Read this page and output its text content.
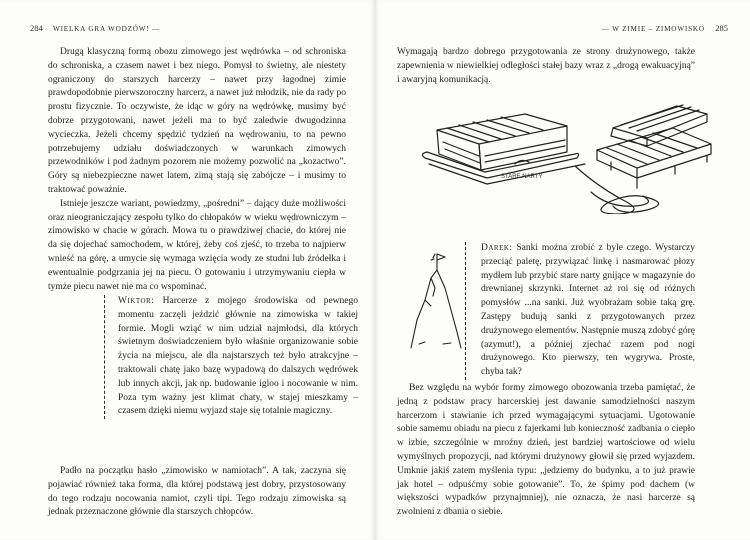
284 WIELKA GRA WODZÓW! —

Drugą klasyczną formą obozu zimowego jest wędrówka – od schroniska do schroniska, a czasem nawet i bez niego. Pomysł to świetny, ale niestety ograniczony do starszych harcerzy – nawet przy łagodnej zimie prawdopodobnie pierwszoroczny harcerz, a nawet już młodzik, nie da rady po prostu fizycznie. To oczywiste, że idąc w góry na wędrówkę, musimy być dobrze przygotowani, nawet jeżeli ma to być zaledwie dwugodzinna wycieczka. Jeżeli chcemy spędzić tydzień na wędrowaniu, to na pewno potrzebujemy udziału doświadczonych w warunkach zimowych przewodników i pod żadnym pozorem nie możemy pozwolić na „kozactwo”. Góry są niebezpieczne nawet latem, zimą stają się zabójcze – i musimy to traktować poważnie.

Istnieje jeszcze wariant, powiedzmy, „pośredni” – dający duże możliwości oraz nieograniczający zespołu tylko do chłopaków w wieku wędrowniczym – zimowisko w chacie w górach. Mowa tu o prawdziwej chacie, do której nie da się dojechać samochodem, w której, żeby coś zjeść, to trzeba to najpierw wnieść na górę, a umycie się wymaga wzięcia wody ze studni lub źródełka i ewentualnie podgrzania jej na piecu. O gotowaniu i utrzymywaniu ciepła w tymże piecu nawet nie ma co wspominać.

Wiktor: Harcerze z mojego środowiska od pewnego momentu zaczęli jeździć głównie na zimowiska w takiej formie. Mogli wziąć w nim udział najmłodsi, dla których świetnym doświadczeniem było właśnie organizowanie sobie życia na miejscu, ale dla najstarszych też było atrakcyjne – traktowali chatę jako bazę wypadową do dalszych wędrówek lub innych akcji, jak np. budowanie igloo i nocowanie w nim. Poza tym ważny jest klimat chaty, w stajej mieszkamy – czasem dzięki niemu wyjazd staje się totalnie magiczny.

Padło na początku hasło „zimowisko w namiotach”. A tak, zaczyna się pojawiać również taka forma, dla której podstawą jest dobry, przystosowany do tego rodzaju nocowania namiot, czyli tipi. Tego rodzaju zimowiska są jednak przeznaczone głównie dla starszych chłopców.

— W ZIMIE – ZIMOWISKO 285

Wymagają bardzo dobrego przygotowania ze strony drużynowego, także zapewnienia w niewielkiej odległości stałej bazy wraz z „drogą ewakuacyjną” i awaryjną komunikacją.

STARE NARTY

Darek: Sanki można zrobić z byle czego. Wystarczy przeciąć paletę, przywiązać linkę i nasmarować płozy mydłem lub przybić stare narty gnijące w magazynie do drewnianej skrzynki. Internet aż roi się od różnych pomysłów ...na sanki. Już wyobrażam sobie taką grę. Zastępy budują sanki z przygotowanych przez drużynowego elementów. Następnie muszą zdobyć górę (azymut!), a później zjechać razem pod nogi drużynowego. Kto pierwszy, ten wygrywa. Proste, chyba tak?

Bez względu na wybór formy zimowego obozowania trzeba pamiętać, że jedną z podstaw pracy harcerskiej jest dawanie samodzielności naszym harcerzom i stawianie ich przed wymagającymi sytuacjami. Ugotowanie sobie samemu obiadu na piecu z fajerkami lub konieczność zadbania o ciepło w izbie, szczególnie w mroźny dzień, jest bardziej wartościowe od wielu wymyślnych propozycji, nad którymi drużynowy głowił się przed wyjazdem. Umknie jakiś zatem myślenia typu: „jedziemy do budynku, a to już prawie jak hotel – odpuśćmy sobie gotowanie”. To, że śpimy pod dachem (w większości wypadków przynajmniej), nie oznacza, że nasi harcerze są zwolnieni z dbania o siebie.
